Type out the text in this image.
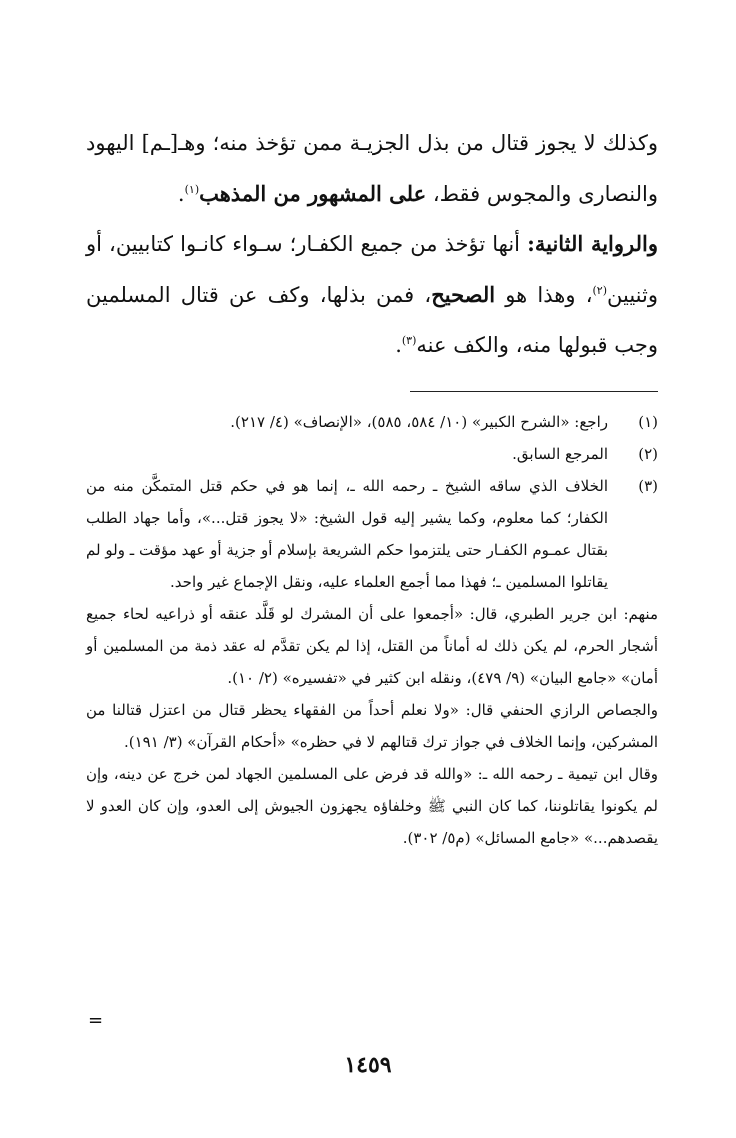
وكذلك لا يجوز قتال من بذل الجزيـة ممن تؤخذ منه؛ وهـ[ـم] اليهود والنصارى والمجوس فقط، على المشهور من المذهب$^{(١)}$.

والرواية الثانية: أنها تؤخذ من جميع الكفـار؛ سـواء كانـوا كتابيين، أو وثنيين$^{(٢)}$، وهذا هو الصحيح، فمن بذلها، وكف عن قتال المسلمين وجب قبولها منه، والكف عنه$^{(٣)}$.

(١)

راجع: «الشرح الكبير» (١٠/ ٥٨٤، ٥٨٥)، «الإنصاف» (٤/ ٢١٧).

(٢)

المرجع السابق.

(٣)

الخلاف الذي ساقه الشيخ ـ رحمه الله ـ، إنما هو في حكم قتل المتمكَّن منه من الكفار؛ كما معلوم، وكما يشير إليه قول الشيخ: «لا يجوز قتل...»، وأما جهاد الطلب بقتال عمـوم الكفـار حتى يلتزموا حكم الشريعة بإسلام أو جزية أو عهد مؤقت ـ ولو لم يقاتلوا المسلمين ـ؛ فهذا مما أجمع العلماء عليه، ونقل الإجماع غير واحد.

منهم: ابن جرير الطبري، قال: «أجمعوا على أن المشرك لو قَلَّد عنقه أو ذراعيه لحاء جميع أشجار الحرم، لم يكن ذلك له أماناً من القتل، إذا لم يكن تقدَّم له عقد ذمة من المسلمين أو أمان» «جامع البيان» (٩/ ٤٧٩)، ونقله ابن كثير في «تفسيره» (٢/ ١٠).

والجصاص الرازي الحنفي قال: «ولا نعلم أحداً من الفقهاء يحظر قتال من اعتزل قتالنا من المشركين، وإنما الخلاف في جواز ترك قتالهم لا في حظره» «أحكام القرآن» (٣/ ١٩١).

وقال ابن تيمية ـ رحمه الله ـ: «والله قد فرض على المسلمين الجهاد لمن خرج عن دينه، وإن لم يكونوا يقاتلوننا، كما كان النبي ﷺ وخلفاؤه يجهزون الجيوش إلى العدو، وإن كان العدو لا يقصدهم...» «جامع المسائل» (م٥/ ٣٠٢).

=
١٤٥٩
